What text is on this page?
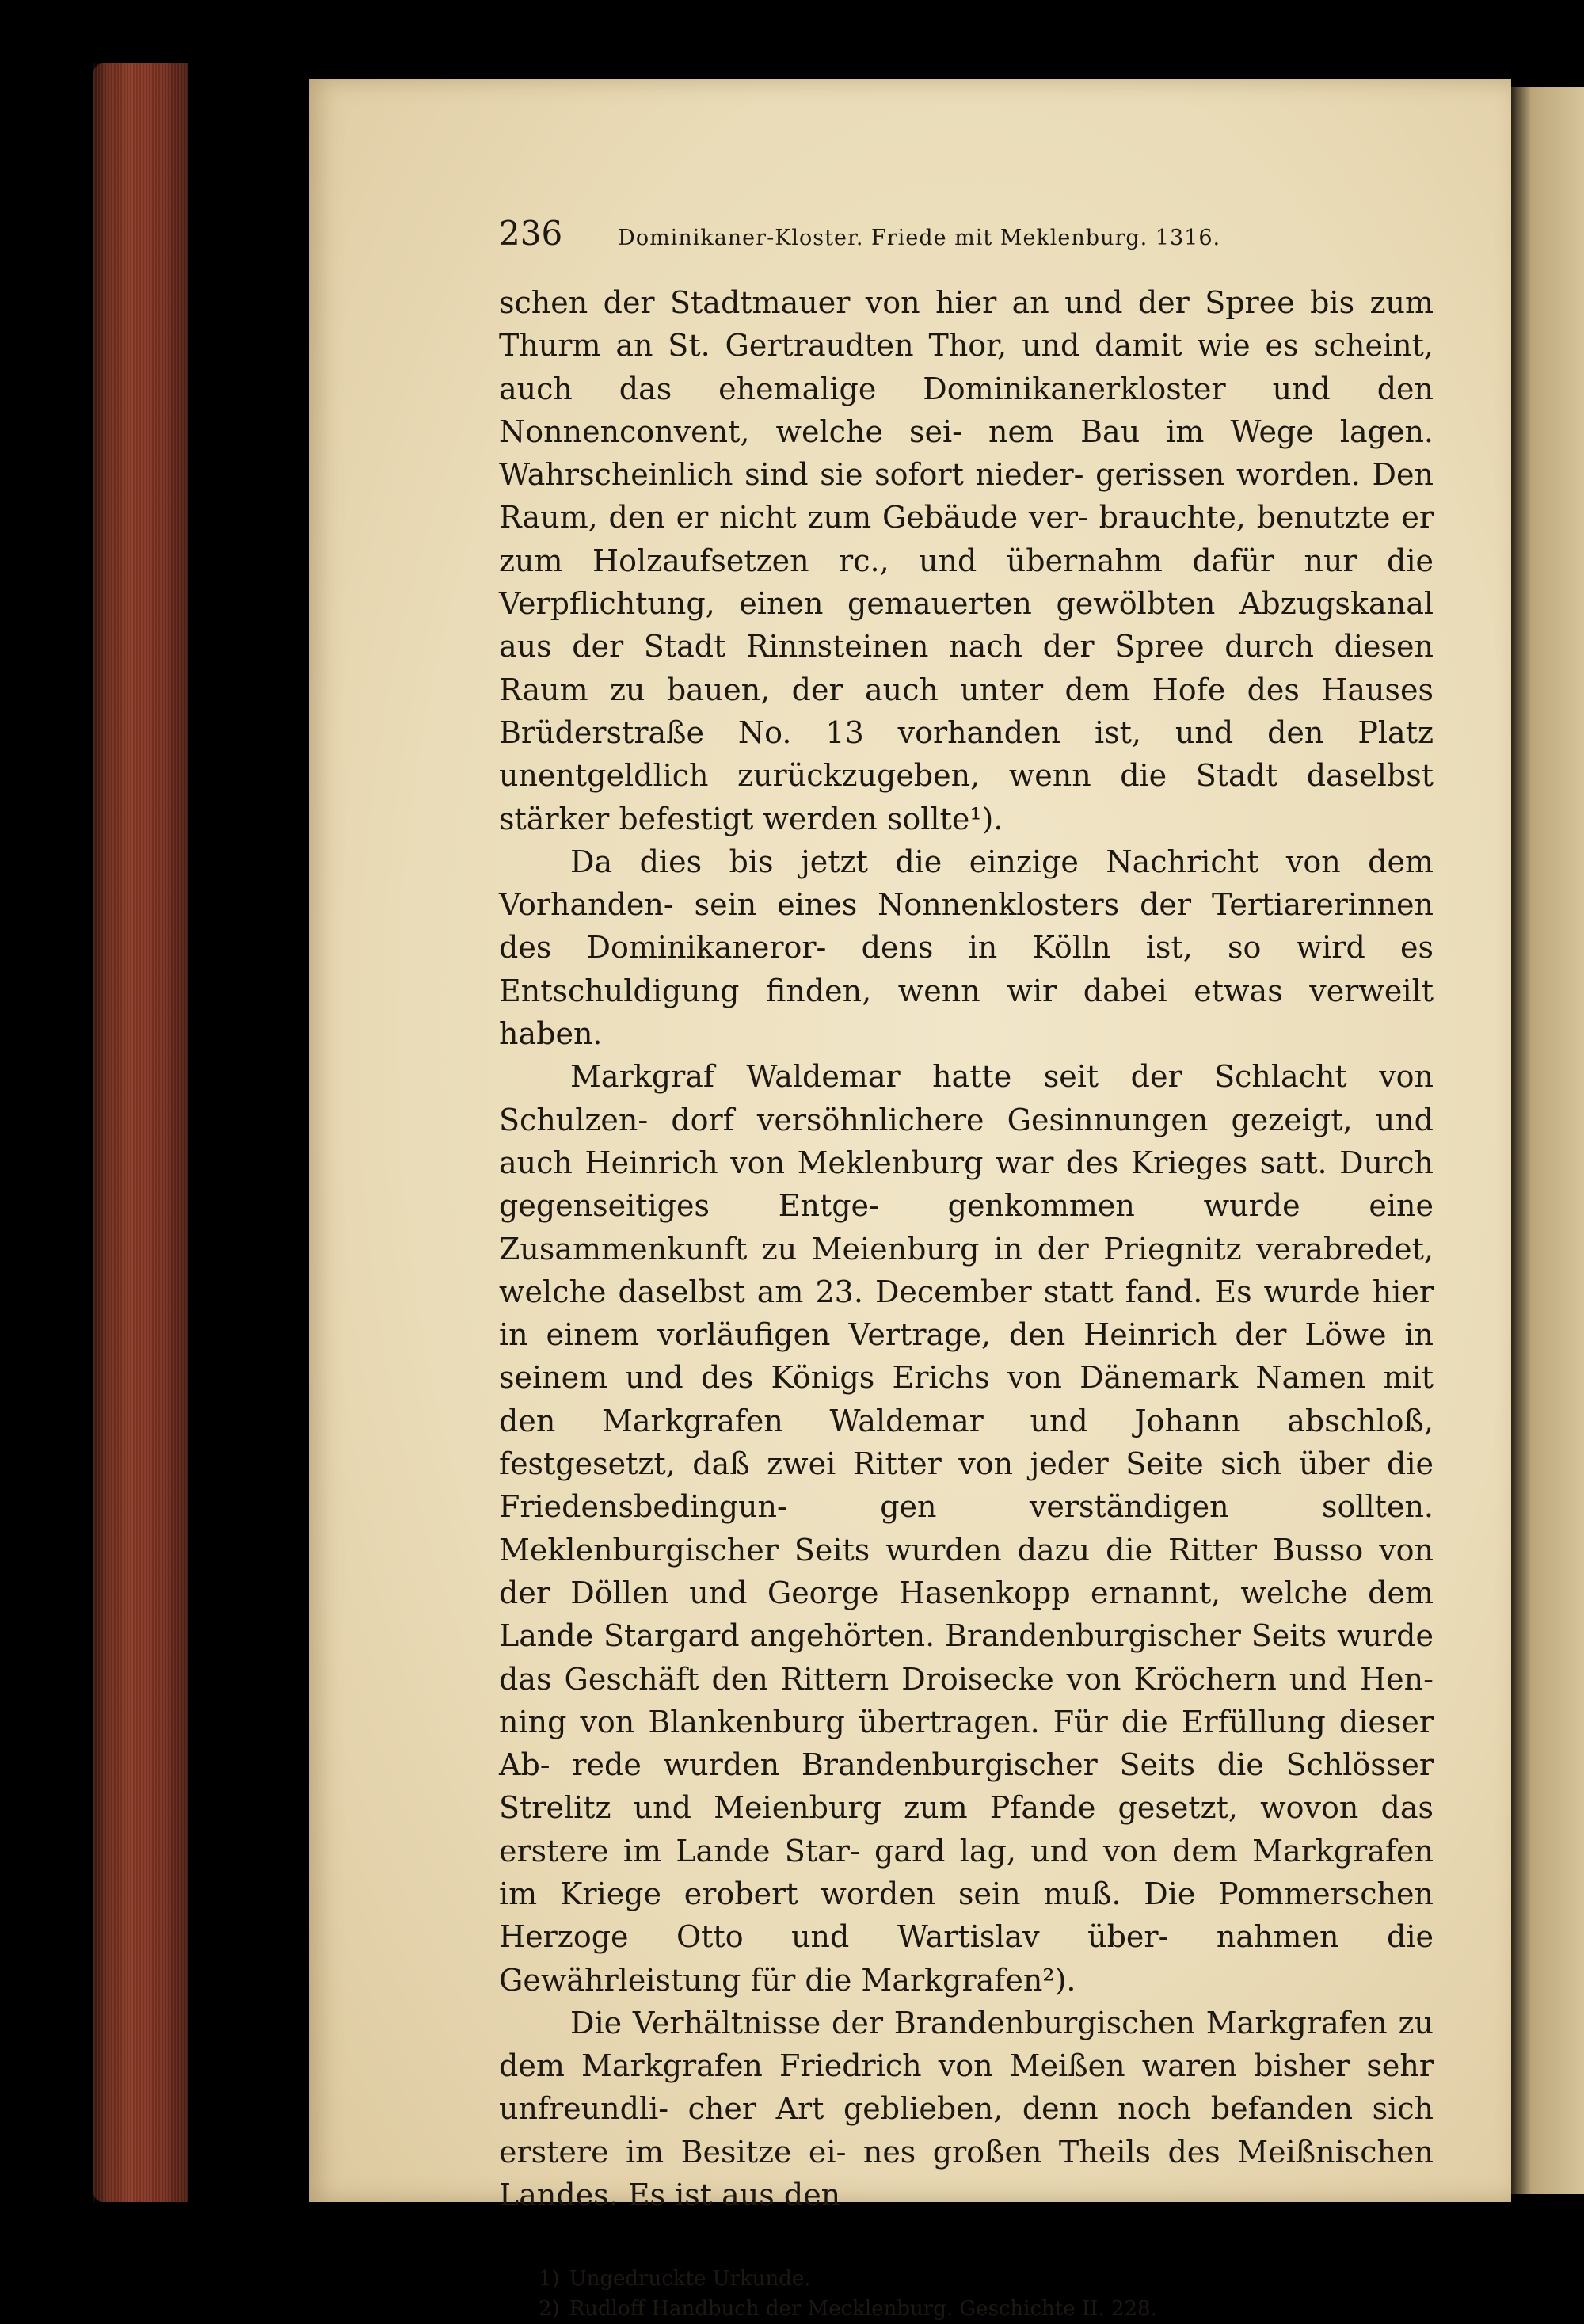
236	Dominikaner-Kloster. Friede mit Meklenburg. 1316.

schen der Stadtmauer von hier an und der Spree bis zum Thurm an St. Gertraudten Thor, und damit wie es scheint, auch das ehemalige Dominikanerkloster und den Nonnenconvent, welche sei- nem Bau im Wege lagen. Wahrscheinlich sind sie sofort nieder- gerissen worden. Den Raum, den er nicht zum Gebäude ver- brauchte, benutzte er zum Holzaufsetzen rc., und übernahm dafür nur die Verpflichtung, einen gemauerten gewölbten Abzugskanal aus der Stadt Rinnsteinen nach der Spree durch diesen Raum zu bauen, der auch unter dem Hofe des Hauses Brüderstraße No. 13 vorhanden ist, und den Platz unentgeldlich zurückzugeben, wenn die Stadt daselbst stärker befestigt werden sollte¹).

Da dies bis jetzt die einzige Nachricht von dem Vorhanden- sein eines Nonnenklosters der Tertiarerinnen des Dominikaneror- dens in Kölln ist, so wird es Entschuldigung finden, wenn wir dabei etwas verweilt haben.

Markgraf Waldemar hatte seit der Schlacht von Schulzen- dorf versöhnlichere Gesinnungen gezeigt, und auch Heinrich von Meklenburg war des Krieges satt. Durch gegenseitiges Entge- genkommen wurde eine Zusammenkunft zu Meienburg in der Priegnitz verabredet, welche daselbst am 23. December statt fand. Es wurde hier in einem vorläufigen Vertrage, den Heinrich der Löwe in seinem und des Königs Erichs von Dänemark Namen mit den Markgrafen Waldemar und Johann abschloß, festgesetzt, daß zwei Ritter von jeder Seite sich über die Friedensbedingun- gen verständigen sollten. Meklenburgischer Seits wurden dazu die Ritter Busso von der Döllen und George Hasenkopp ernannt, welche dem Lande Stargard angehörten. Brandenburgischer Seits wurde das Geschäft den Rittern Droisecke von Kröchern und Hen- ning von Blankenburg übertragen. Für die Erfüllung dieser Ab- rede wurden Brandenburgischer Seits die Schlösser Strelitz und Meienburg zum Pfande gesetzt, wovon das erstere im Lande Star- gard lag, und von dem Markgrafen im Kriege erobert worden sein muß. Die Pommerschen Herzoge Otto und Wartislav über- nahmen die Gewährleistung für die Markgrafen²).

Die Verhältnisse der Brandenburgischen Markgrafen zu dem Markgrafen Friedrich von Meißen waren bisher sehr unfreundli- cher Art geblieben, denn noch befanden sich erstere im Besitze ei- nes großen Theils des Meißnischen Landes. Es ist aus den

1) Ungedruckte Urkunde.
2) Rudloff Handbuch der Mecklenburg. Geschichte II. 228.
